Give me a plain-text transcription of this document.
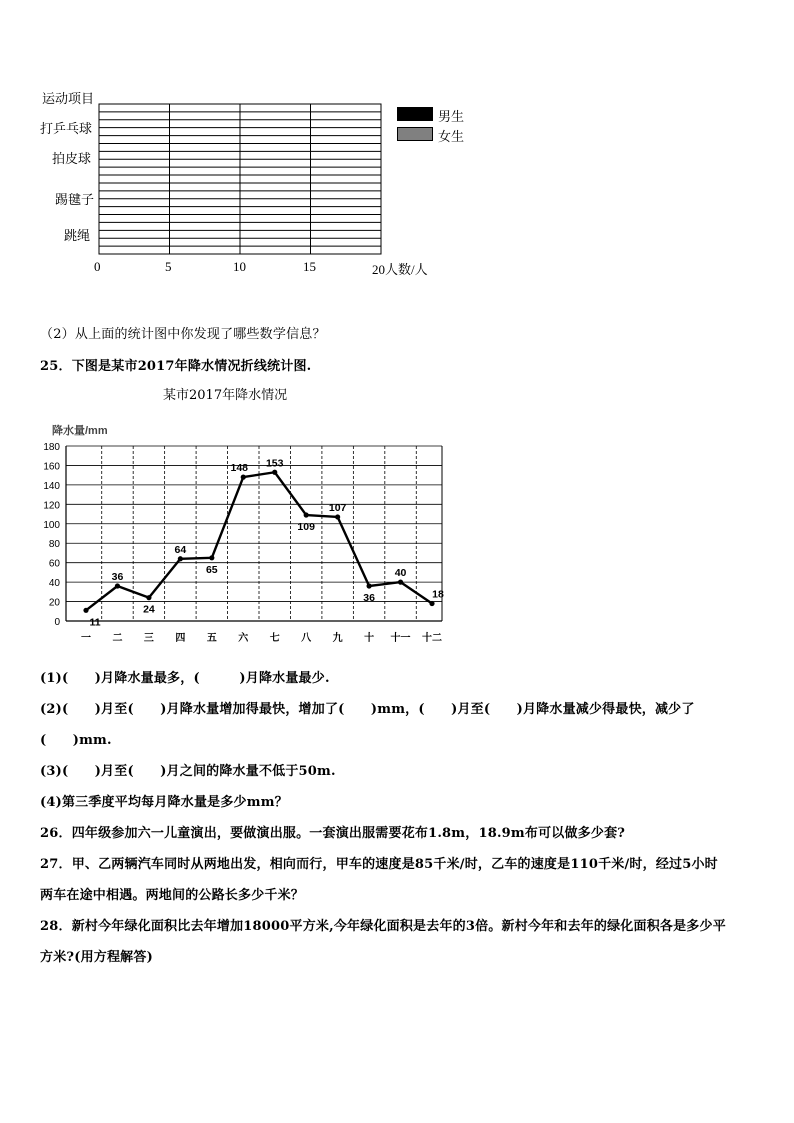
运动项目
打乒乓球
拍皮球
踢毽子
跳绳
0	5	10	15	20人数/人
男生
女生
（2）从上面的统计图中你发现了哪些数学信息？
25．下图是某市2017年降水情况折线统计图.
某市2017年降水情况
降水量/mm
0
20
40
60
80
100
120
140
160
180
一 二 三 四 五 六 七 八 九 十 十一 十二
11
36
24
64
65
148 153
109
107
36
40
18
(1)(　　)月降水量最多，(　　　)月降水量最少.
(2)(　　)月至(　　)月降水量增加得最快，增加了(　　)mm，(　　)月至(　　)月降水量减少得最快，减少了
(　　)mm.
(3)(　　)月至(　　)月之间的降水量不低于50m.
(4)第三季度平均每月降水量是多少mm？
26．四年级参加六一儿童演出，要做演出服。一套演出服需要花布1.8m，18.9m布可以做多少套?
27．甲、乙两辆汽车同时从两地出发，相向而行，甲车的速度是85千米/时，乙车的速度是110千米/时，经过5小时
两车在途中相遇。两地间的公路长多少千米？
28．新村今年绿化面积比去年增加18000平方米,今年绿化面积是去年的3倍。新村今年和去年的绿化面积各是多少平
方米?(用方程解答)
